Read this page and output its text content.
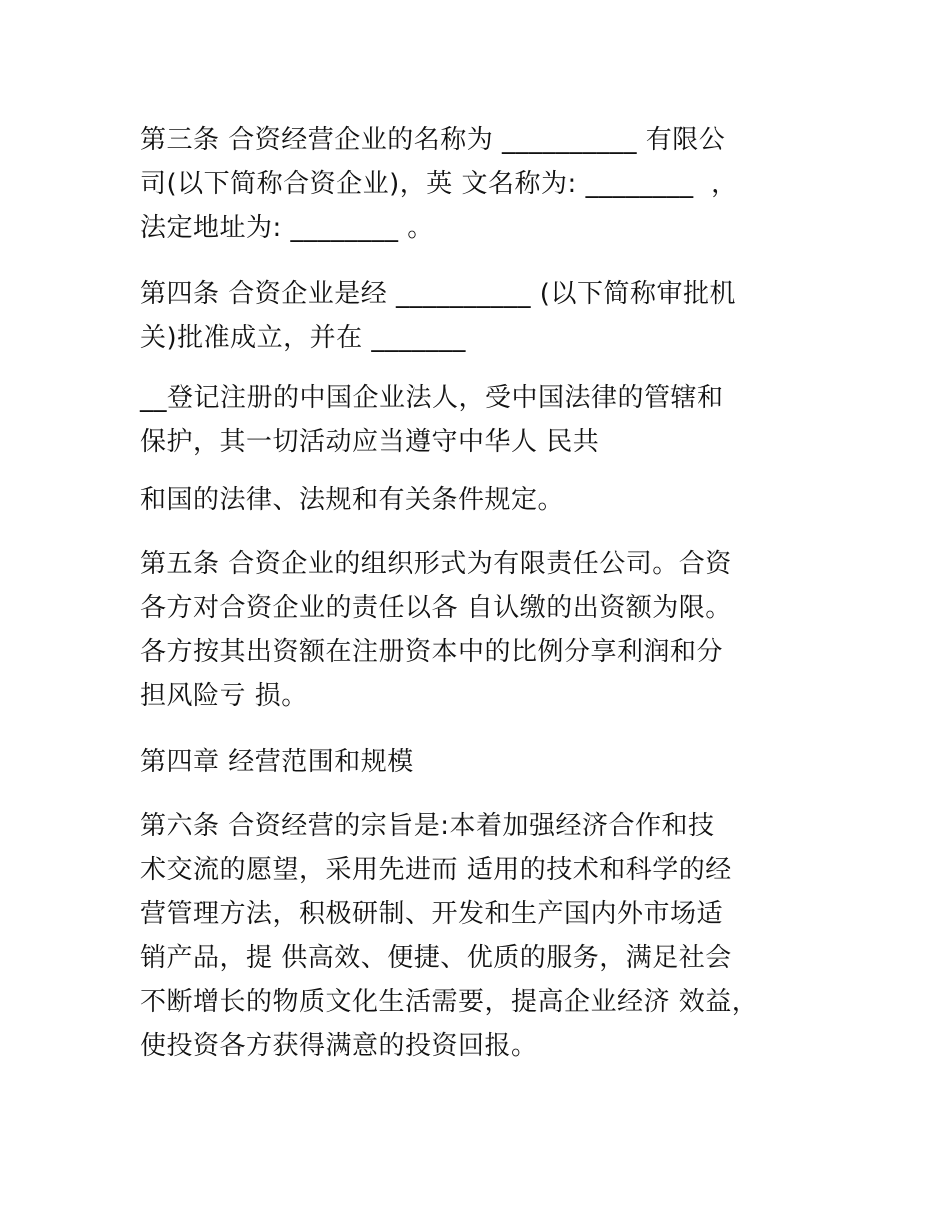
第三条 合资经营企业的名称为 __________ 有限公
司(以下简称合资企业)，英 文名称为: ________  ，
法定地址为: ________ 。

第四条 合资企业是经 __________ (以下简称审批机
关)批准成立，并在 _______

__登记注册的中国企业法人，受中国法律的管辖和
保护，其一切活动应当遵守中华人 民共

和国的法律、法规和有关条件规定。

第五条 合资企业的组织形式为有限责任公司。合资
各方对合资企业的责任以各 自认缴的出资额为限。
各方按其出资额在注册资本中的比例分享利润和分
担风险亏 损。

第四章 经营范围和规模

第六条 合资经营的宗旨是:本着加强经济合作和技
术交流的愿望，采用先进而 适用的技术和科学的经
营管理方法，积极研制、开发和生产国内外市场适
销产品，提 供高效、便捷、优质的服务，满足社会
不断增长的物质文化生活需要，提高企业经济 效益，
使投资各方获得满意的投资回报。
